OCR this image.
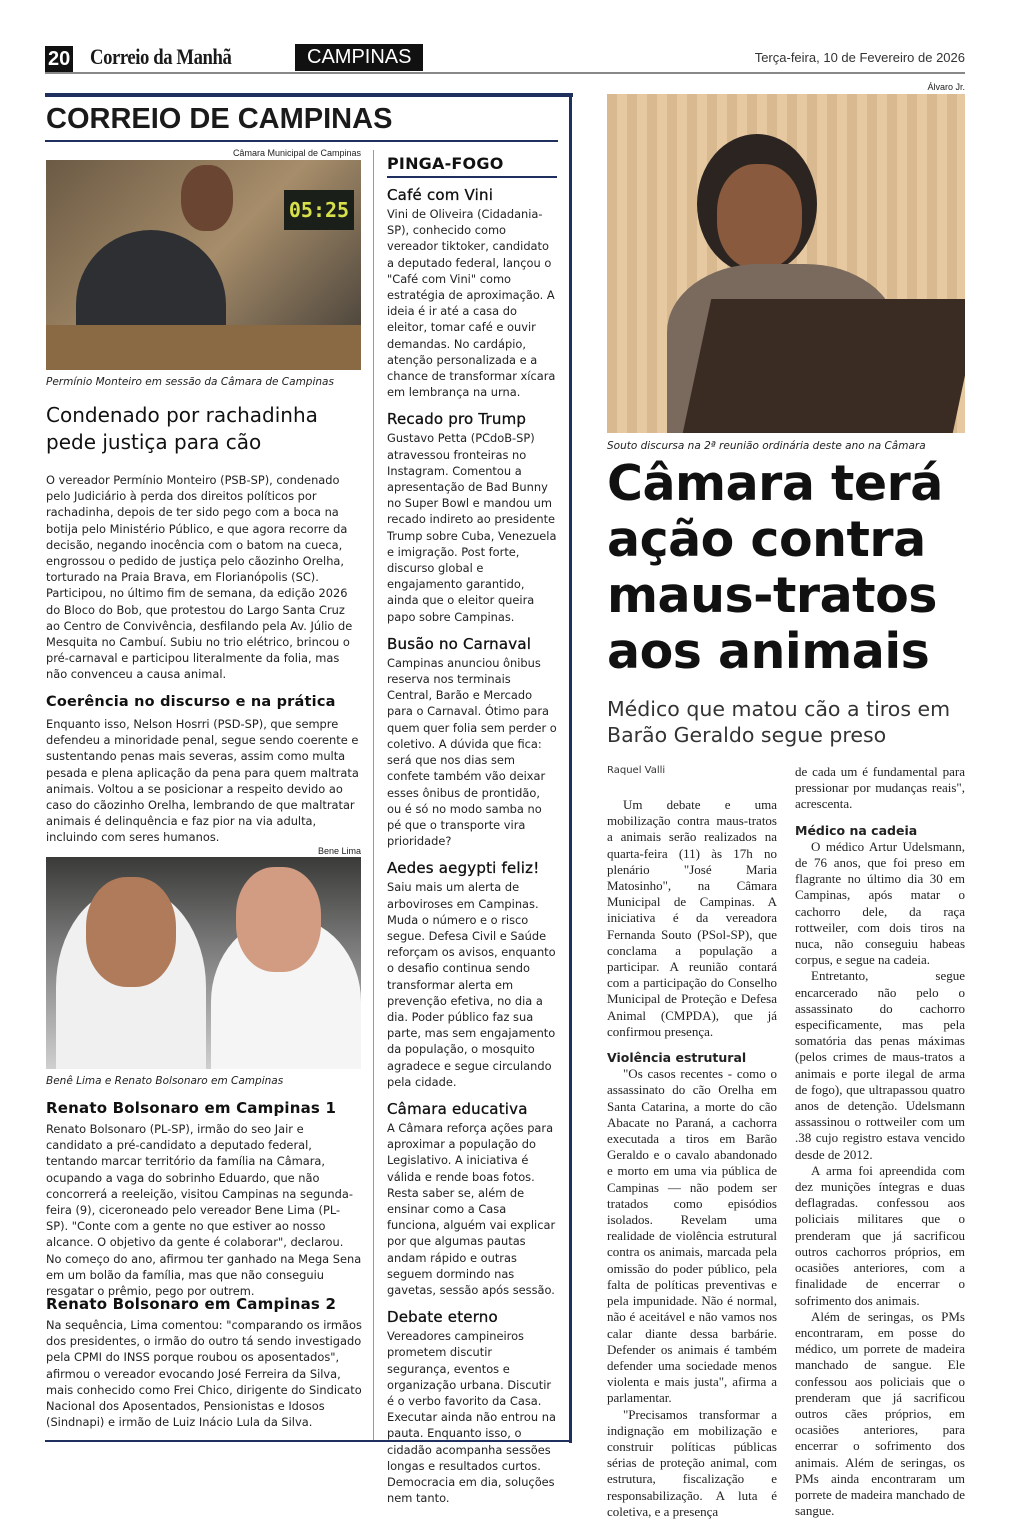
20 Correio da Manhã	CAMPINAS	Terça-feira, 10 de Fevereiro de 2026
CORREIO DE CAMPINAS
Câmara Municipal de Campinas
05:25
Permínio Monteiro em sessão da Câmara de Campinas
Condenado por rachadinha pede justiça para cão
O vereador Permínio Monteiro (PSB-SP), condenado pelo Judiciário à perda dos direitos políticos por rachadinha, depois de ter sido pego com a boca na botija pelo Ministério Público, e que agora recorre da decisão, negando inocência com o batom na cueca, engrossou o pedido de justiça pelo cãozinho Orelha, torturado na Praia Brava, em Florianópolis (SC). Participou, no último fim de semana, da edição 2026 do Bloco do Bob, que protestou do Largo Santa Cruz ao Centro de Convivência, desfilando pela Av. Júlio de Mesquita no Cambuí. Subiu no trio elétrico, brincou o pré-carnaval e participou literalmente da folia, mas não convenceu a causa animal.
Coerência no discurso e na prática
Enquanto isso, Nelson Hosrri (PSD-SP), que sempre defendeu a minoridade penal, segue sendo coerente e sustentando penas mais severas, assim como multa pesada e plena aplicação da pena para quem maltrata animais. Voltou a se posicionar a respeito devido ao caso do cãozinho Orelha, lembrando de que maltratar animais é delinquência e faz pior na via adulta, incluindo com seres humanos.
Bene Lima
Benê Lima e Renato Bolsonaro em Campinas
Renato Bolsonaro em Campinas 1
Renato Bolsonaro (PL-SP), irmão do seo Jair e candidato a pré-candidato a deputado federal, tentando marcar território da família na Câmara, ocupando a vaga do sobrinho Eduardo, que não concorrerá a reeleição, visitou Campinas na segunda-feira (9), ciceroneado pelo vereador Bene Lima (PL-SP). "Conte com a gente no que estiver ao nosso alcance. O objetivo da gente é colaborar", declarou. No começo do ano, afirmou ter ganhado na Mega Sena em um bolão da família, mas que não conseguiu resgatar o prêmio, pego por outrem.
Renato Bolsonaro em Campinas 2
Na sequência, Lima comentou: "comparando os irmãos dos presidentes, o irmão do outro tá sendo investigado pela CPMI do INSS porque roubou os aposentados", afirmou o vereador evocando José Ferreira da Silva, mais conhecido como Frei Chico, dirigente do Sindicato Nacional dos Aposentados, Pensionistas e Idosos (Sindnapi) e irmão de Luiz Inácio Lula da Silva.
PINGA-FOGO
Café com Vini
Vini de Oliveira (Cidadania-SP), conhecido como vereador tiktoker, candidato a deputado federal, lançou o "Café com Vini" como estratégia de aproximação. A ideia é ir até a casa do eleitor, tomar café e ouvir demandas. No cardápio, atenção personalizada e a chance de transformar xícara em lembrança na urna.
Recado pro Trump
Gustavo Petta (PCdoB-SP) atravessou fronteiras no Instagram. Comentou a apresentação de Bad Bunny no Super Bowl e mandou um recado indireto ao presidente Trump sobre Cuba, Venezuela e imigração. Post forte, discurso global e engajamento garantido, ainda que o eleitor queira papo sobre Campinas.
Busão no Carnaval
Campinas anunciou ônibus reserva nos terminais Central, Barão e Mercado para o Carnaval. Ótimo para quem quer folia sem perder o coletivo. A dúvida que fica: será que nos dias sem confete também vão deixar esses ônibus de prontidão, ou é só no modo samba no pé que o transporte vira prioridade?
Aedes aegypti feliz!
Saiu mais um alerta de arboviroses em Campinas. Muda o número e o risco segue. Defesa Civil e Saúde reforçam os avisos, enquanto o desafio continua sendo transformar alerta em prevenção efetiva, no dia a dia. Poder público faz sua parte, mas sem engajamento da população, o mosquito agradece e segue circulando pela cidade.
Câmara educativa
A Câmara reforça ações para aproximar a população do Legislativo. A iniciativa é válida e rende boas fotos. Resta saber se, além de ensinar como a Casa funciona, alguém vai explicar por que algumas pautas andam rápido e outras seguem dormindo nas gavetas, sessão após sessão.
Debate eterno
Vereadores campineiros prometem discutir segurança, eventos e organização urbana. Discutir é o verbo favorito da Casa. Executar ainda não entrou na pauta. Enquanto isso, o cidadão acompanha sessões longas e resultados curtos. Democracia em dia, soluções nem tanto.
Álvaro Jr.
Souto discursa na 2ª reunião ordinária deste ano na Câmara
Câmara terá ação contra maus-tratos aos animais
Médico que matou cão a tiros em Barão Geraldo segue preso
Raquel Valli

Um debate e uma mobilização contra maus-tratos a animais serão realizados na quarta-feira (11) às 17h no plenário "José Maria Matosinho", na Câmara Municipal de Campinas. A iniciativa é da vereadora Fernanda Souto (PSol-SP), que conclama a população a participar. A reunião contará com a participação do Conselho Municipal de Proteção e Defesa Animal (CMPDA), que já confirmou presença.

Violência estrutural

"Os casos recentes - como o assassinato do cão Orelha em Santa Catarina, a morte do cão Abacate no Paraná, a cachorra executada a tiros em Barão Geraldo e o cavalo abandonado e morto em uma via pública de Campinas — não podem ser tratados como episódios isolados. Revelam uma realidade de violência estrutural contra os animais, marcada pela omissão do poder público, pela falta de políticas preventivas e pela impunidade. Não é normal, não é aceitável e não vamos nos calar diante dessa barbárie. Defender os animais é também defender uma sociedade menos violenta e mais justa", afirma a parlamentar.

"Precisamos transformar a indignação em mobilização e construir políticas públicas sérias de proteção animal, com estrutura, fiscalização e responsabilização. A luta é coletiva, e a presença

de cada um é fundamental para pressionar por mudanças reais", acrescenta.

Médico na cadeia

O médico Artur Udelsmann, de 76 anos, que foi preso em flagrante no último dia 30 em Campinas, após matar o cachorro dele, da raça rottweiler, com dois tiros na nuca, não conseguiu habeas corpus, e segue na cadeia.

Entretanto, segue encarcerado não pelo o assassinato do cachorro especificamente, mas pela somatória das penas máximas (pelos crimes de maus-tratos a animais e porte ilegal de arma de fogo), que ultrapassou quatro anos de detenção. Udelsmann assassinou o rottweiler com um .38 cujo registro estava vencido desde de 2012.

A arma foi apreendida com dez munições íntegras e duas deflagradas. confessou aos policiais militares que o prenderam que já sacrificou outros cachorros próprios, em ocasiões anteriores, com a finalidade de encerrar o sofrimento dos animais.

Além de seringas, os PMs encontraram, em posse do médico, um porrete de madeira manchado de sangue. Ele confessou aos policiais que o prenderam que já sacrificou outros cães próprios, em ocasiões anteriores, para encerrar o sofrimento dos animais. Além de seringas, os PMs ainda encontraram um porrete de madeira manchado de sangue.
